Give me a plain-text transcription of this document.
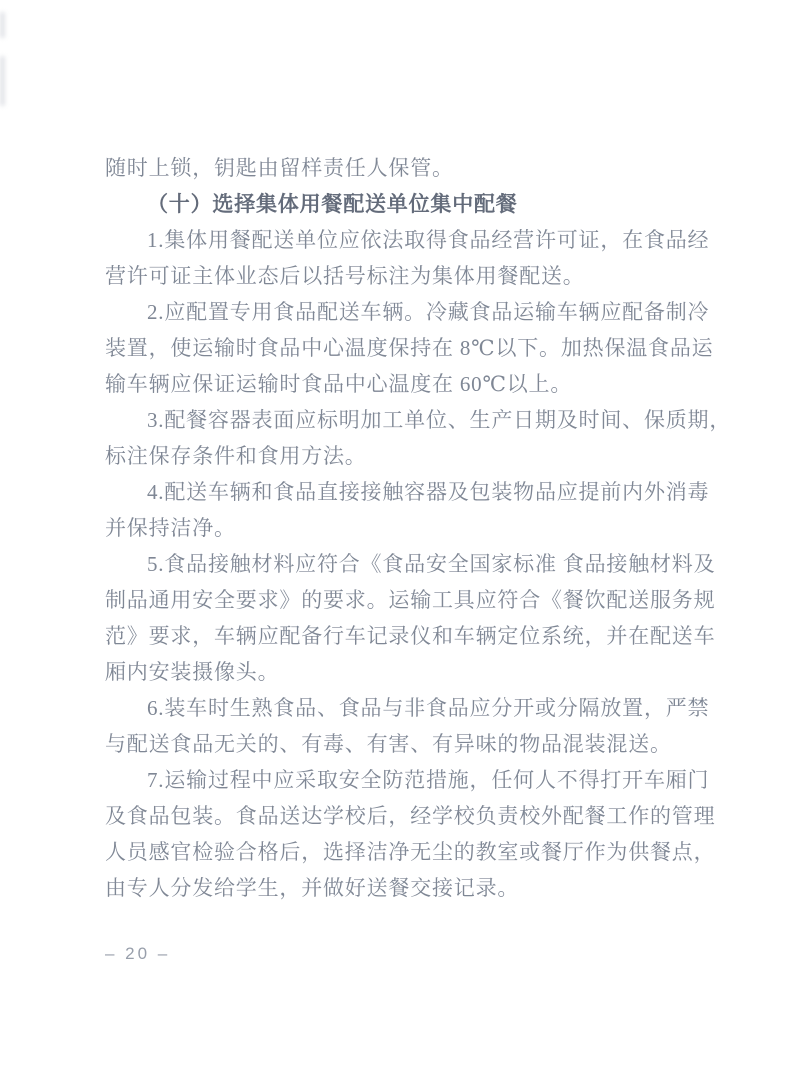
随时上锁，钥匙由留样责任人保管。

（十）选择集体用餐配送单位集中配餐

1.集体用餐配送单位应依法取得食品经营许可证，在食品经

营许可证主体业态后以括号标注为集体用餐配送。

2.应配置专用食品配送车辆。冷藏食品运输车辆应配备制冷

装置，使运输时食品中心温度保持在 8℃以下。加热保温食品运

输车辆应保证运输时食品中心温度在 60℃以上。

3.配餐容器表面应标明加工单位、生产日期及时间、保质期，

标注保存条件和食用方法。

4.配送车辆和食品直接接触容器及包装物品应提前内外消毒

并保持洁净。

5.食品接触材料应符合《食品安全国家标准 食品接触材料及

制品通用安全要求》的要求。运输工具应符合《餐饮配送服务规

范》要求，车辆应配备行车记录仪和车辆定位系统，并在配送车

厢内安装摄像头。

6.装车时生熟食品、食品与非食品应分开或分隔放置，严禁

与配送食品无关的、有毒、有害、有异味的物品混装混送。

7.运输过程中应采取安全防范措施，任何人不得打开车厢门

及食品包装。食品送达学校后，经学校负责校外配餐工作的管理

人员感官检验合格后，选择洁净无尘的教室或餐厅作为供餐点，

由专人分发给学生，并做好送餐交接记录。

– 20 –
